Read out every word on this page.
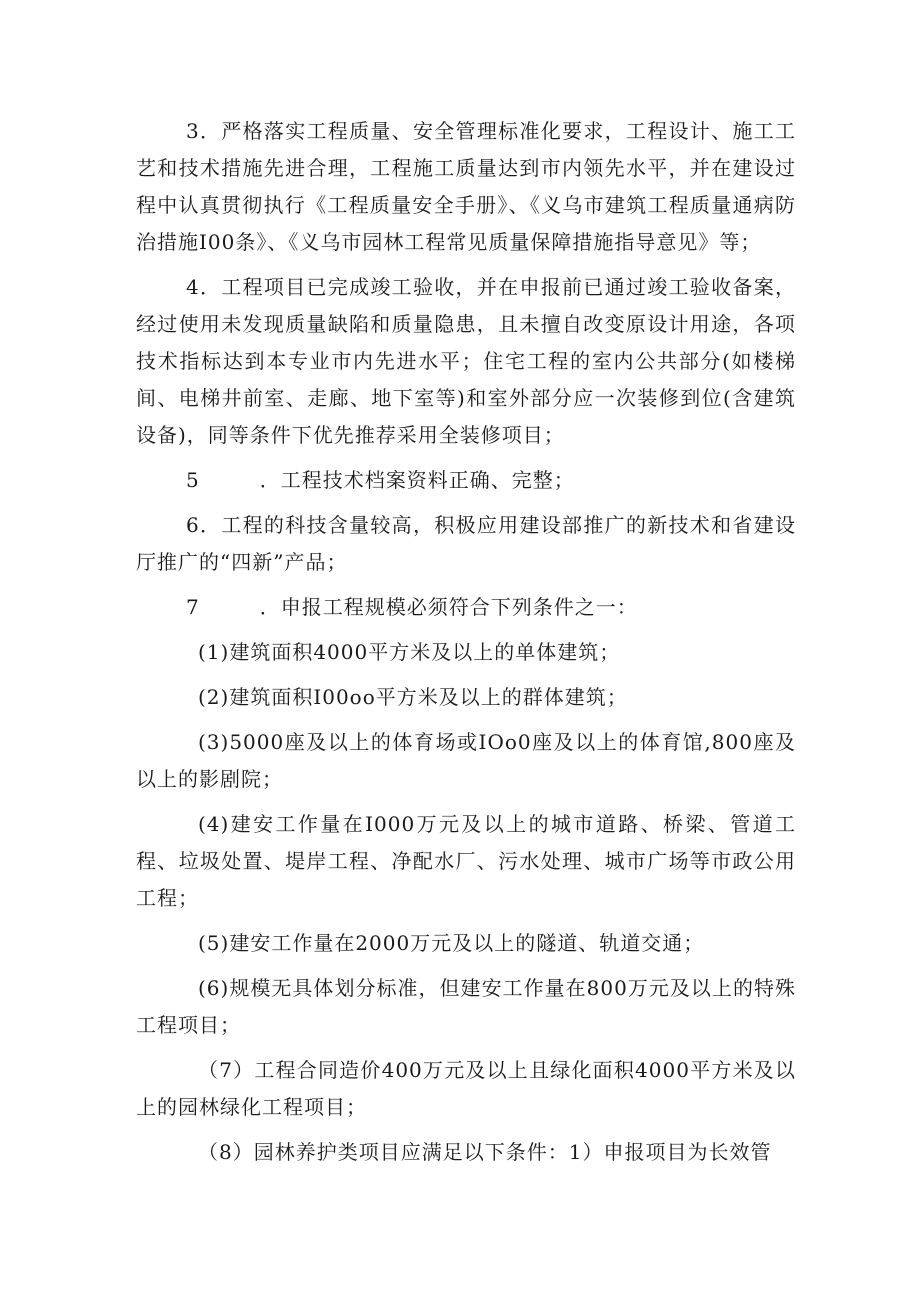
3．严格落实工程质量、安全管理标准化要求，工程设计、施工工艺和技术措施先进合理，工程施工质量达到市内领先水平，并在建设过程中认真贯彻执行《工程质量安全手册》、《义乌市建筑工程质量通病防治措施I00条》、《义乌市园林工程常见质量保障措施指导意见》等；

4．工程项目已完成竣工验收，并在申报前已通过竣工验收备案，经过使用未发现质量缺陷和质量隐患，且未擅自改变原设计用途，各项技术指标达到本专业市内先进水平；住宅工程的室内公共部分(如楼梯间、电梯井前室、走廊、地下室等)和室外部分应一次装修到位(含建筑设备)，同等条件下优先推荐采用全装修项目；

5	．工程技术档案资料正确、完整；

6．工程的科技含量较高，积极应用建设部推广的新技术和省建设厅推广的“四新”产品；

7	．申报工程规模必须符合下列条件之一：

(1)建筑面积4000平方米及以上的单体建筑；

(2)建筑面积I00oo平方米及以上的群体建筑；

(3)5000座及以上的体育场或IOo0座及以上的体育馆,800座及以上的影剧院；

(4)建安工作量在I000万元及以上的城市道路、桥梁、管道工程、垃圾处置、堤岸工程、净配水厂、污水处理、城市广场等市政公用工程；

(5)建安工作量在2000万元及以上的隧道、轨道交通；

(6)规模无具体划分标准，但建安工作量在800万元及以上的特殊工程项目；

（7）工程合同造价400万元及以上且绿化面积4000平方米及以上的园林绿化工程项目；

（8）园林养护类项目应满足以下条件：1）申报项目为长效管
